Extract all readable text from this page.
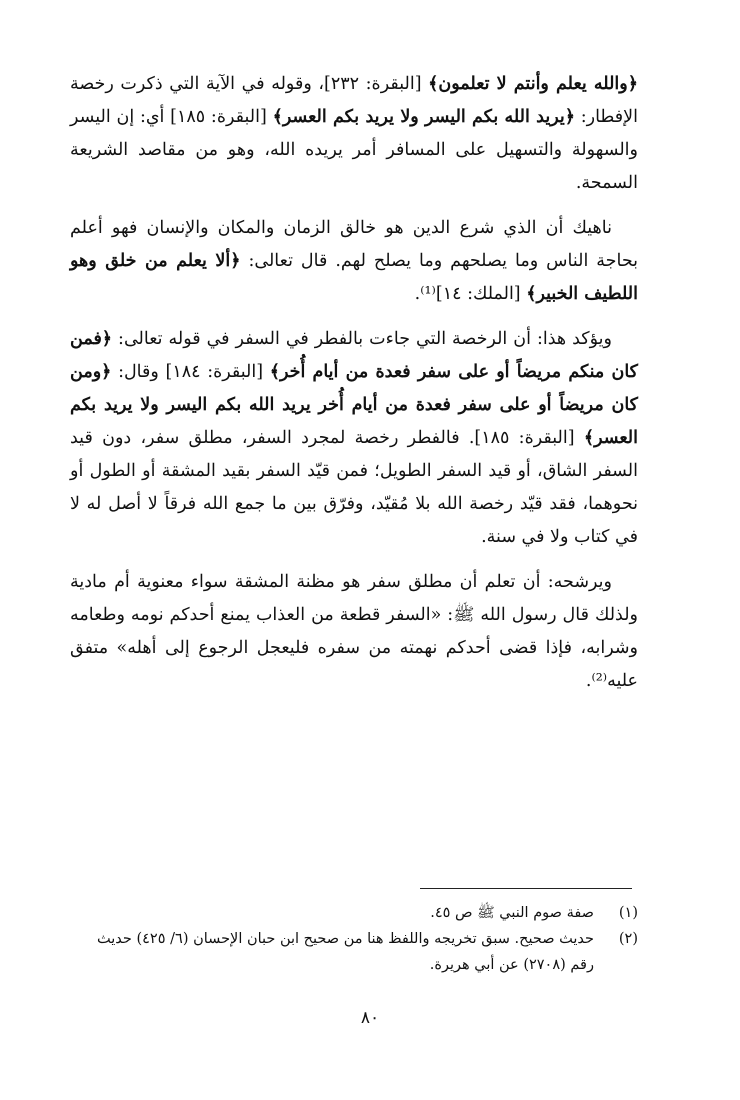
﴿والله يعلم وأنتم لا تعلمون﴾ [البقرة: ٢٣٢]، وقوله في الآية التي ذكرت رخصة الإفطار: ﴿يريد الله بكم اليسر ولا يريد بكم العسر﴾ [البقرة: ١٨٥] أي: إن اليسر والسهولة والتسهيل على المسافر أمر يريده الله، وهو من مقاصد الشريعة السمحة.

ناهيك أن الذي شرع الدين هو خالق الزمان والمكان والإنسان فهو أعلم بحاجة الناس وما يصلحهم وما يصلح لهم. قال تعالى: ﴿ألا يعلم من خلق وهو اللطيف الخبير﴾ [الملك: ١٤]⁽¹⁾.

ويؤكد هذا: أن الرخصة التي جاءت بالفطر في السفر في قوله تعالى: ﴿فمن كان منكم مريضاً أو على سفر فعدة من أيام أُخر﴾ [البقرة: ١٨٤] وقال: ﴿ومن كان مريضاً أو على سفر فعدة من أيام أُخر يريد الله بكم اليسر ولا يريد بكم العسر﴾ [البقرة: ١٨٥]. فالفطر رخصة لمجرد السفر، مطلق سفر، دون قيد السفر الشاق، أو قيد السفر الطويل؛ فمن قيّد السفر بقيد المشقة أو الطول أو نحوهما، فقد قيّد رخصة الله بلا مُقيّد، وفرّق بين ما جمع الله فرقاً لا أصل له لا في كتاب ولا في سنة.

ويرشحه: أن تعلم أن مطلق سفر هو مظنة المشقة سواء معنوية أم مادية ولذلك قال رسول الله ﷺ: «السفر قطعة من العذاب يمنع أحدكم نومه وطعامه وشرابه، فإذا قضى أحدكم نهمته من سفره فليعجل الرجوع إلى أهله» متفق عليه⁽²⁾.

(١)
صفة صوم النبي ﷺ ص ٤٥.
(٢)
حديث صحيح. سبق تخريجه واللفظ هنا من صحيح ابن حبان الإحسان (٦/ ٤٢٥) حديث رقم (٢٧٠٨) عن أبي هريرة.
٨٠
